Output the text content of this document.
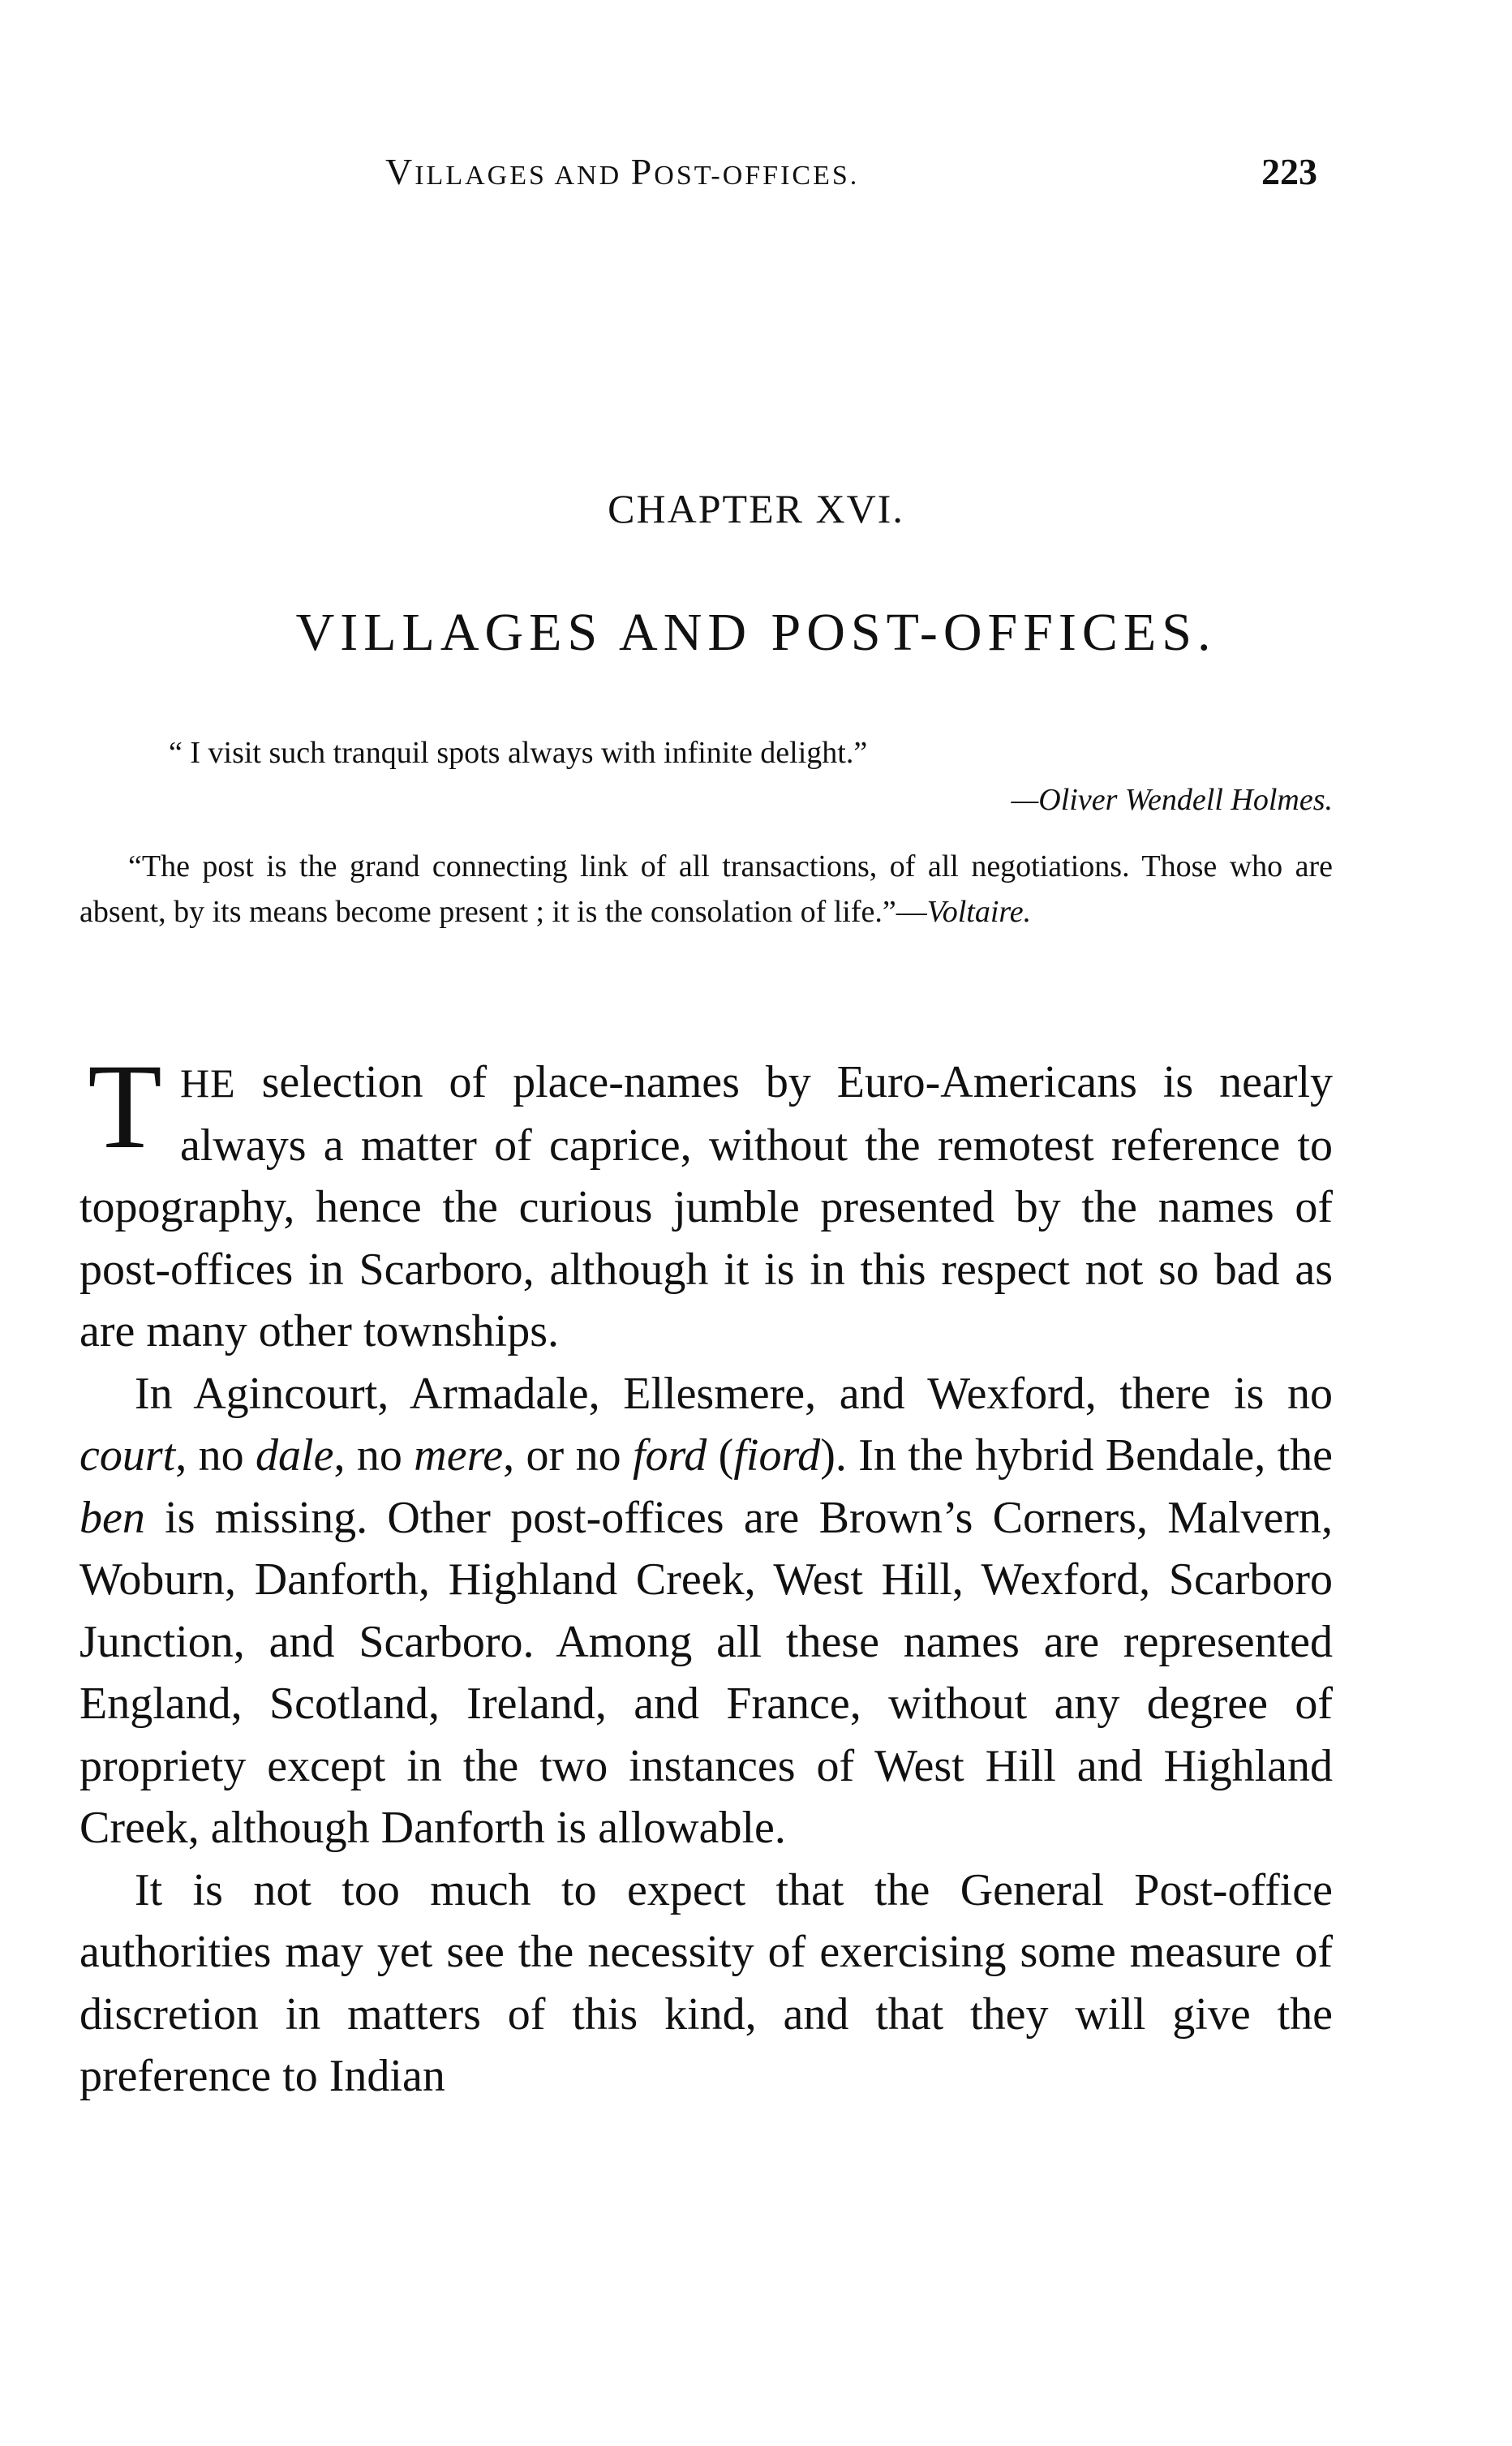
VILLAGES AND POST-OFFICES.	223
CHAPTER XVI.
VILLAGES AND POST-OFFICES.
“ I visit such tranquil spots always with infinite delight.”
—Oliver Wendell Holmes.
“The post is the grand connecting link of all transactions, of all negotiations. Those who are absent, by its means become present ; it is the consolation of life.”—Voltaire.

THE selection of place-names by Euro-Americans is nearly always a matter of caprice, without the remotest reference to topography, hence the curious jumble presented by the names of post-offices in Scarboro, although it is in this respect not so bad as are many other townships.

In Agincourt, Armadale, Ellesmere, and Wexford, there is no court, no dale, no mere, or no ford (fiord). In the hybrid Bendale, the ben is missing. Other post-offices are Brown’s Corners, Malvern, Woburn, Danforth, Highland Creek, West Hill, Wexford, Scarboro Junction, and Scarboro. Among all these names are represented England, Scotland, Ireland, and France, without any degree of propriety except in the two instances of West Hill and Highland Creek, although Danforth is allowable.

It is not too much to expect that the General Post-office authorities may yet see the necessity of exercising some measure of discretion in matters of this kind, and that they will give the preference to Indian
